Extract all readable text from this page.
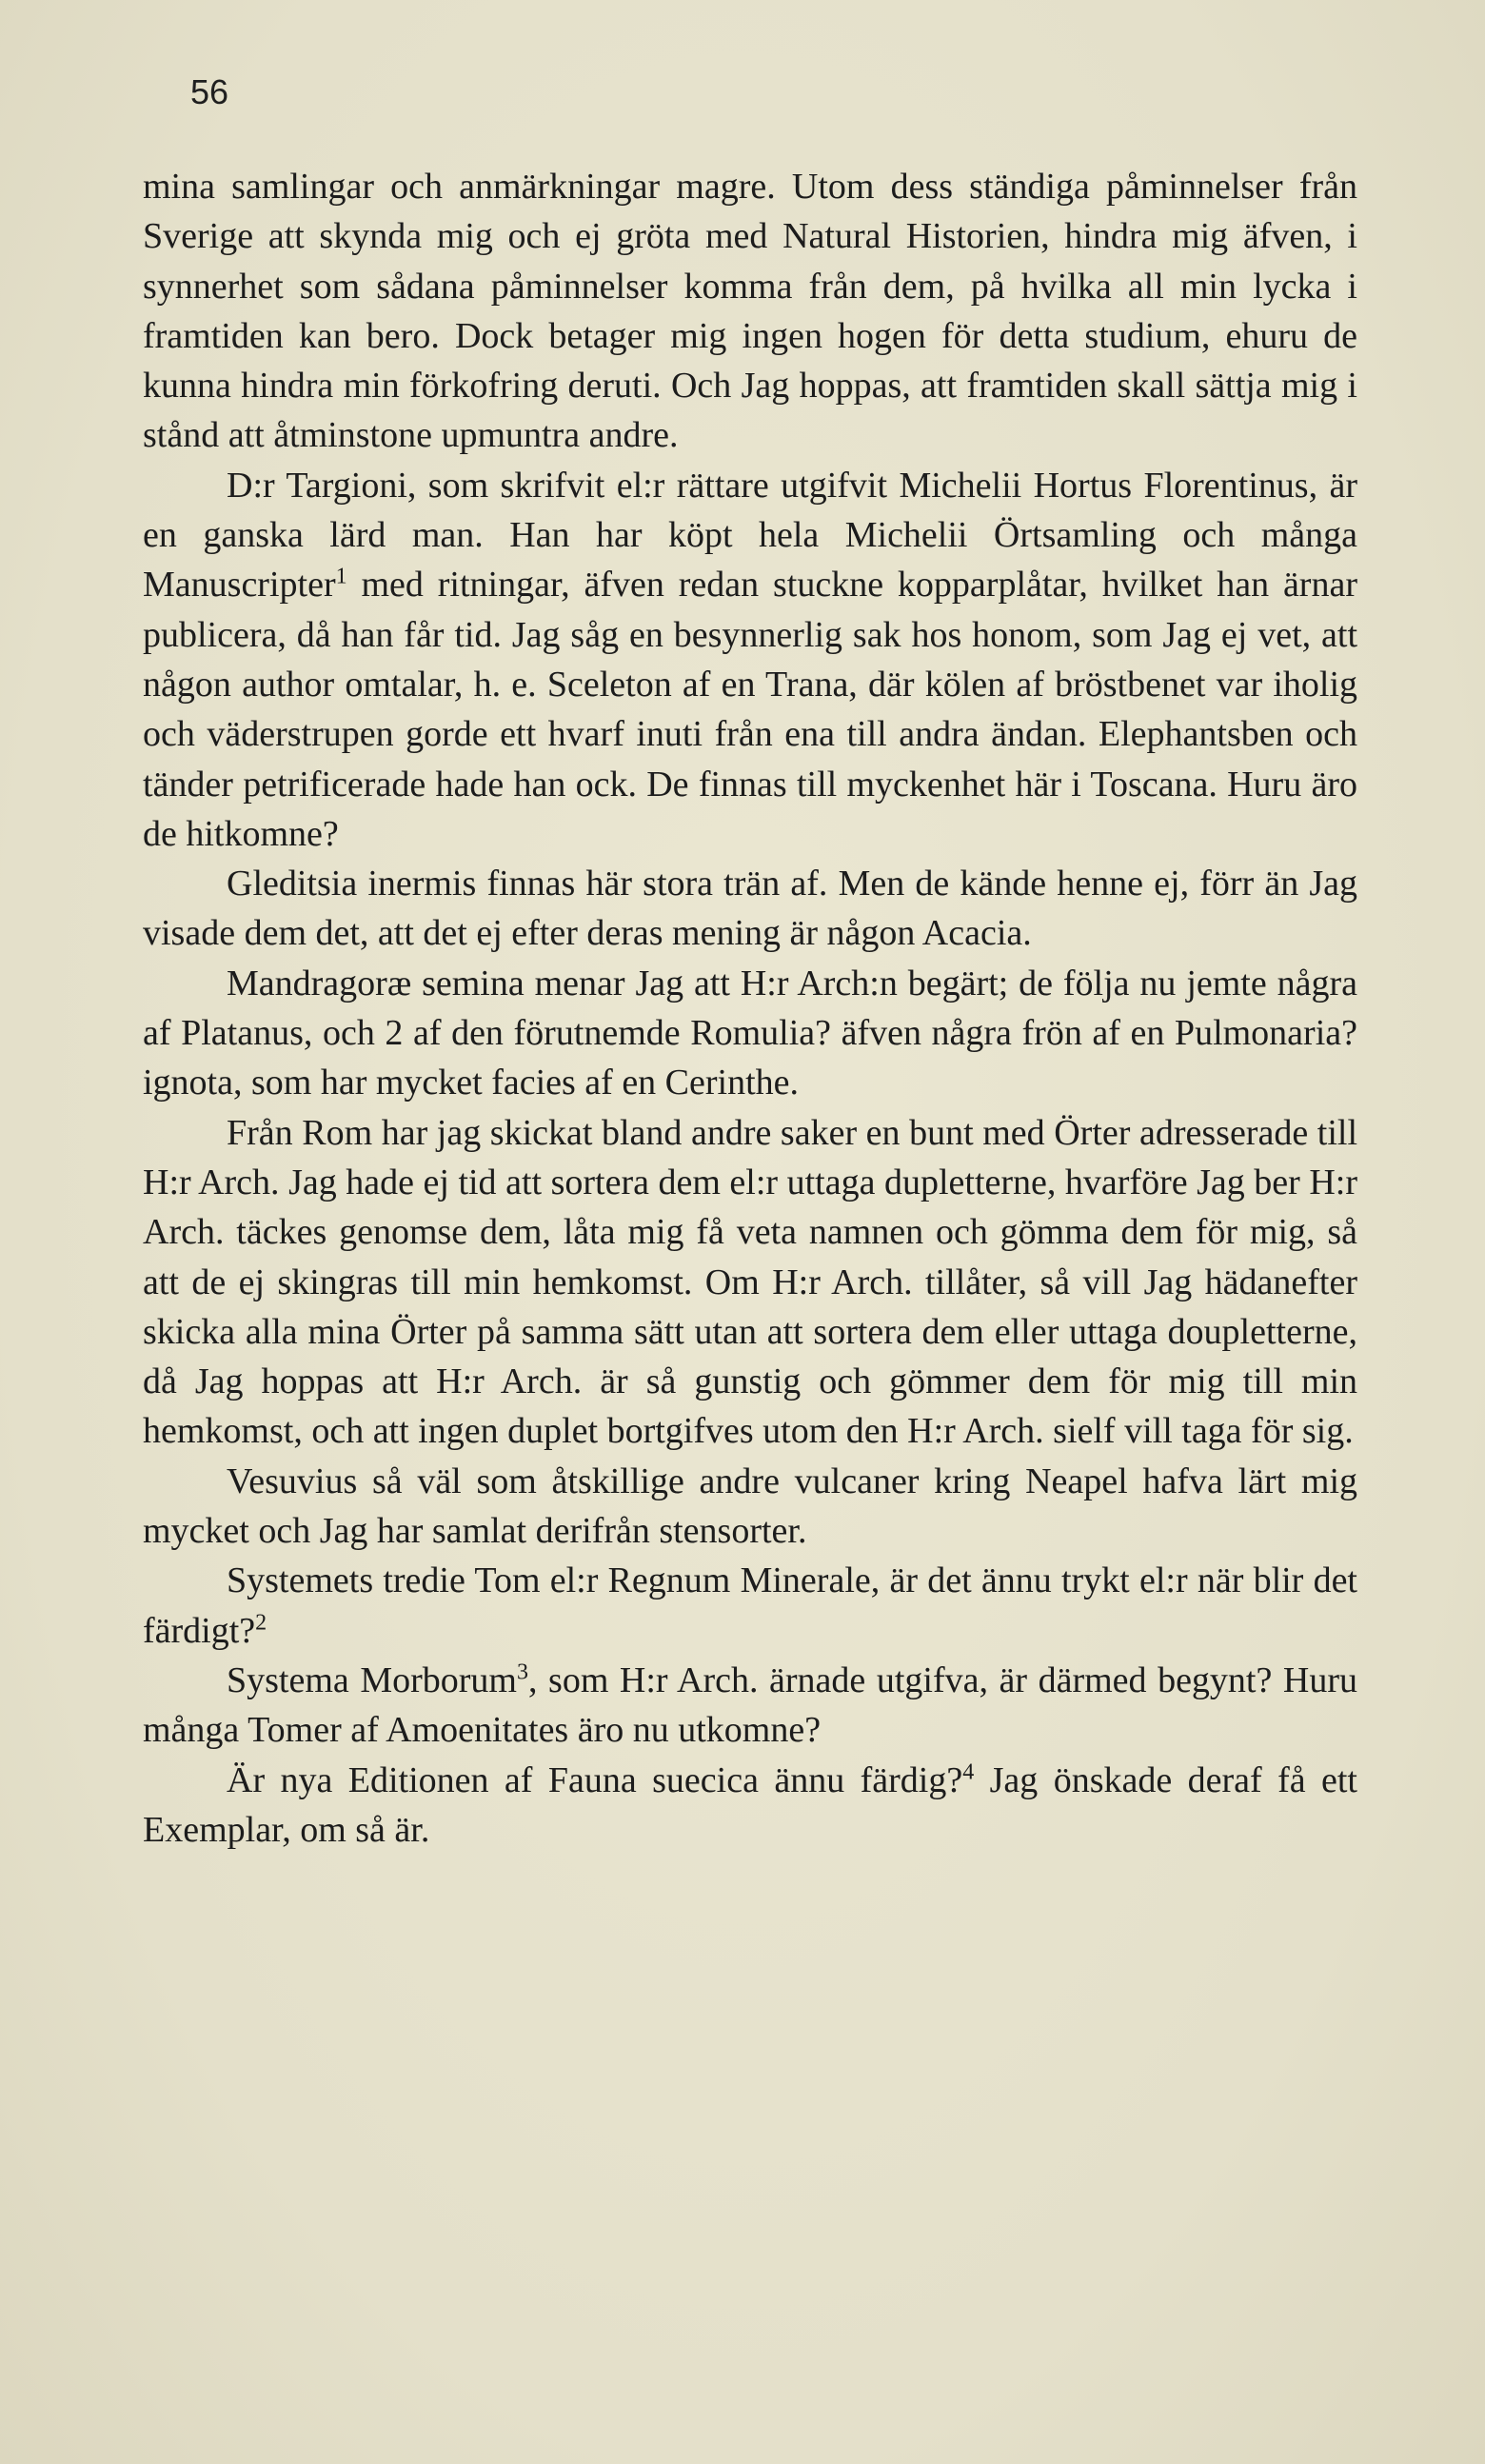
56

mina samlingar och anmärkningar magre. Utom dess ständiga påminnelser från Sverige att skynda mig och ej gröta med Natural Historien, hindra mig äfven, i synnerhet som sådana påminnelser komma från dem, på hvilka all min lycka i framtiden kan bero. Dock betager mig ingen hogen för detta studium, ehuru de kunna hindra min förkofring deruti. Och Jag hoppas, att framtiden skall sättja mig i stånd att åtminstone upmuntra andre.

D:r Targioni, som skrifvit el:r rättare utgifvit Michelii Hortus Florentinus, är en ganska lärd man. Han har köpt hela Michelii Örtsamling och många Manuscripter$^1$ med ritningar, äfven redan stuckne kopparplåtar, hvilket han ärnar publicera, då han får tid. Jag såg en besynnerlig sak hos honom, som Jag ej vet, att någon author omtalar, h. e. Sceleton af en Trana, där kölen af bröstbenet var iholig och väderstrupen gorde ett hvarf inuti från ena till andra ändan. Elephantsben och tänder petrificerade hade han ock. De finnas till myckenhet här i Toscana. Huru äro de hitkomne?

Gleditsia inermis finnas här stora trän af. Men de kände henne ej, förr än Jag visade dem det, att det ej efter deras mening är någon Acacia.

Mandragoræ semina menar Jag att H:r Arch:n begärt; de följa nu jemte några af Platanus, och 2 af den förutnemde Romulia? äfven några frön af en Pulmonaria? ignota, som har mycket facies af en Cerinthe.

Från Rom har jag skickat bland andre saker en bunt med Örter adresserade till H:r Arch. Jag hade ej tid att sortera dem el:r uttaga dupletterne, hvarföre Jag ber H:r Arch. täckes genomse dem, låta mig få veta namnen och gömma dem för mig, så att de ej skingras till min hemkomst. Om H:r Arch. tillåter, så vill Jag hädanefter skicka alla mina Örter på samma sätt utan att sortera dem eller uttaga doupletterne, då Jag hoppas att H:r Arch. är så gunstig och gömmer dem för mig till min hemkomst, och att ingen duplet bortgifves utom den H:r Arch. sielf vill taga för sig.

Vesuvius så väl som åtskillige andre vulcaner kring Neapel hafva lärt mig mycket och Jag har samlat derifrån stensorter.

Systemets tredie Tom el:r Regnum Minerale, är det ännu trykt el:r när blir det färdigt?$^2$

Systema Morborum$^3$, som H:r Arch. ärnade utgifva, är därmed begynt? Huru många Tomer af Amoenitates äro nu utkomne?

Är nya Editionen af Fauna suecica ännu färdig?$^4$ Jag önskade deraf få ett Exemplar, om så är.
